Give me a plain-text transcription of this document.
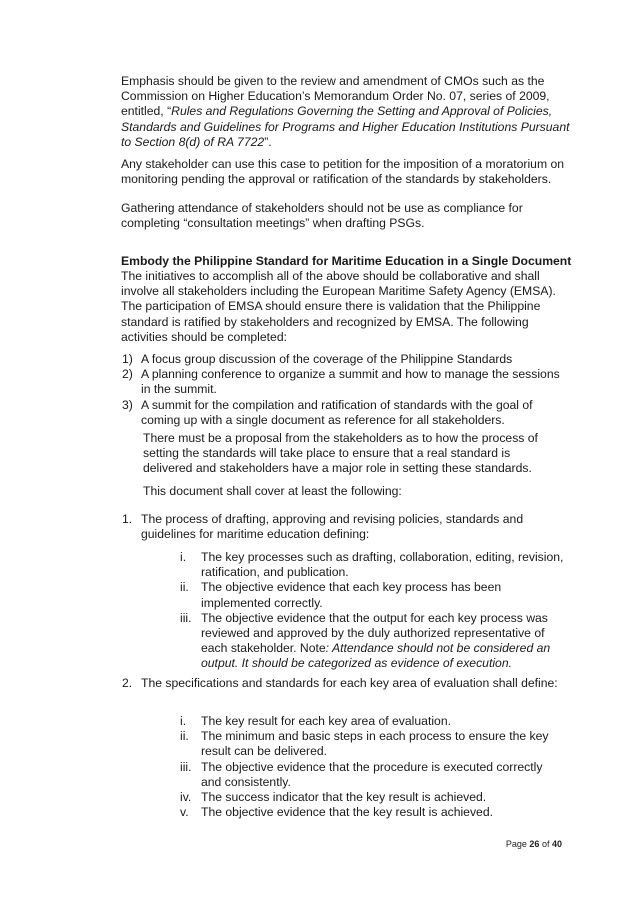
Emphasis should be given to the review and amendment of CMOs such as the Commission on Higher Education’s Memorandum Order No. 07, series of 2009, entitled, “Rules and Regulations Governing the Setting and Approval of Policies, Standards and Guidelines for Programs and Higher Education Institutions Pursuant to Section 8(d) of RA 7722”.

Any stakeholder can use this case to petition for the imposition of a moratorium on monitoring pending the approval or ratification of the standards by stakeholders.

Gathering attendance of stakeholders should not be use as compliance for completing “consultation meetings” when drafting PSGs.

Embody the Philippine Standard for Maritime Education in a Single Document

The initiatives to accomplish all of the above should be collaborative and shall involve all stakeholders including the European Maritime Safety Agency (EMSA). The participation of EMSA should ensure there is validation that the Philippine standard is ratified by stakeholders and recognized by EMSA. The following activities should be completed:

1) A focus group discussion of the coverage of the Philippine Standards
2) A planning conference to organize a summit and how to manage the sessions in the summit.
3) A summit for the compilation and ratification of standards with the goal of coming up with a single document as reference for all stakeholders.

There must be a proposal from the stakeholders as to how the process of setting the standards will take place to ensure that a real standard is delivered and stakeholders have a major role in setting these standards.

This document shall cover at least the following:

1. The process of drafting, approving and revising policies, standards and guidelines for maritime education defining:
i.	The key processes such as drafting, collaboration, editing, revision, ratification, and publication.
ii. The objective evidence that each key process has been implemented correctly.
iii. The objective evidence that the output for each key process was reviewed and approved by the duly authorized representative of each stakeholder. Note: Attendance should not be considered an output. It should be categorized as evidence of execution.
2. The specifications and standards for each key area of evaluation shall define:
i.	The key result for each key area of evaluation.
ii. The minimum and basic steps in each process to ensure the key result can be delivered.
iii. The objective evidence that the procedure is executed correctly and consistently.
iv. The success indicator that the key result is achieved.
v.	The objective evidence that the key result is achieved.
Page 26 of 40
